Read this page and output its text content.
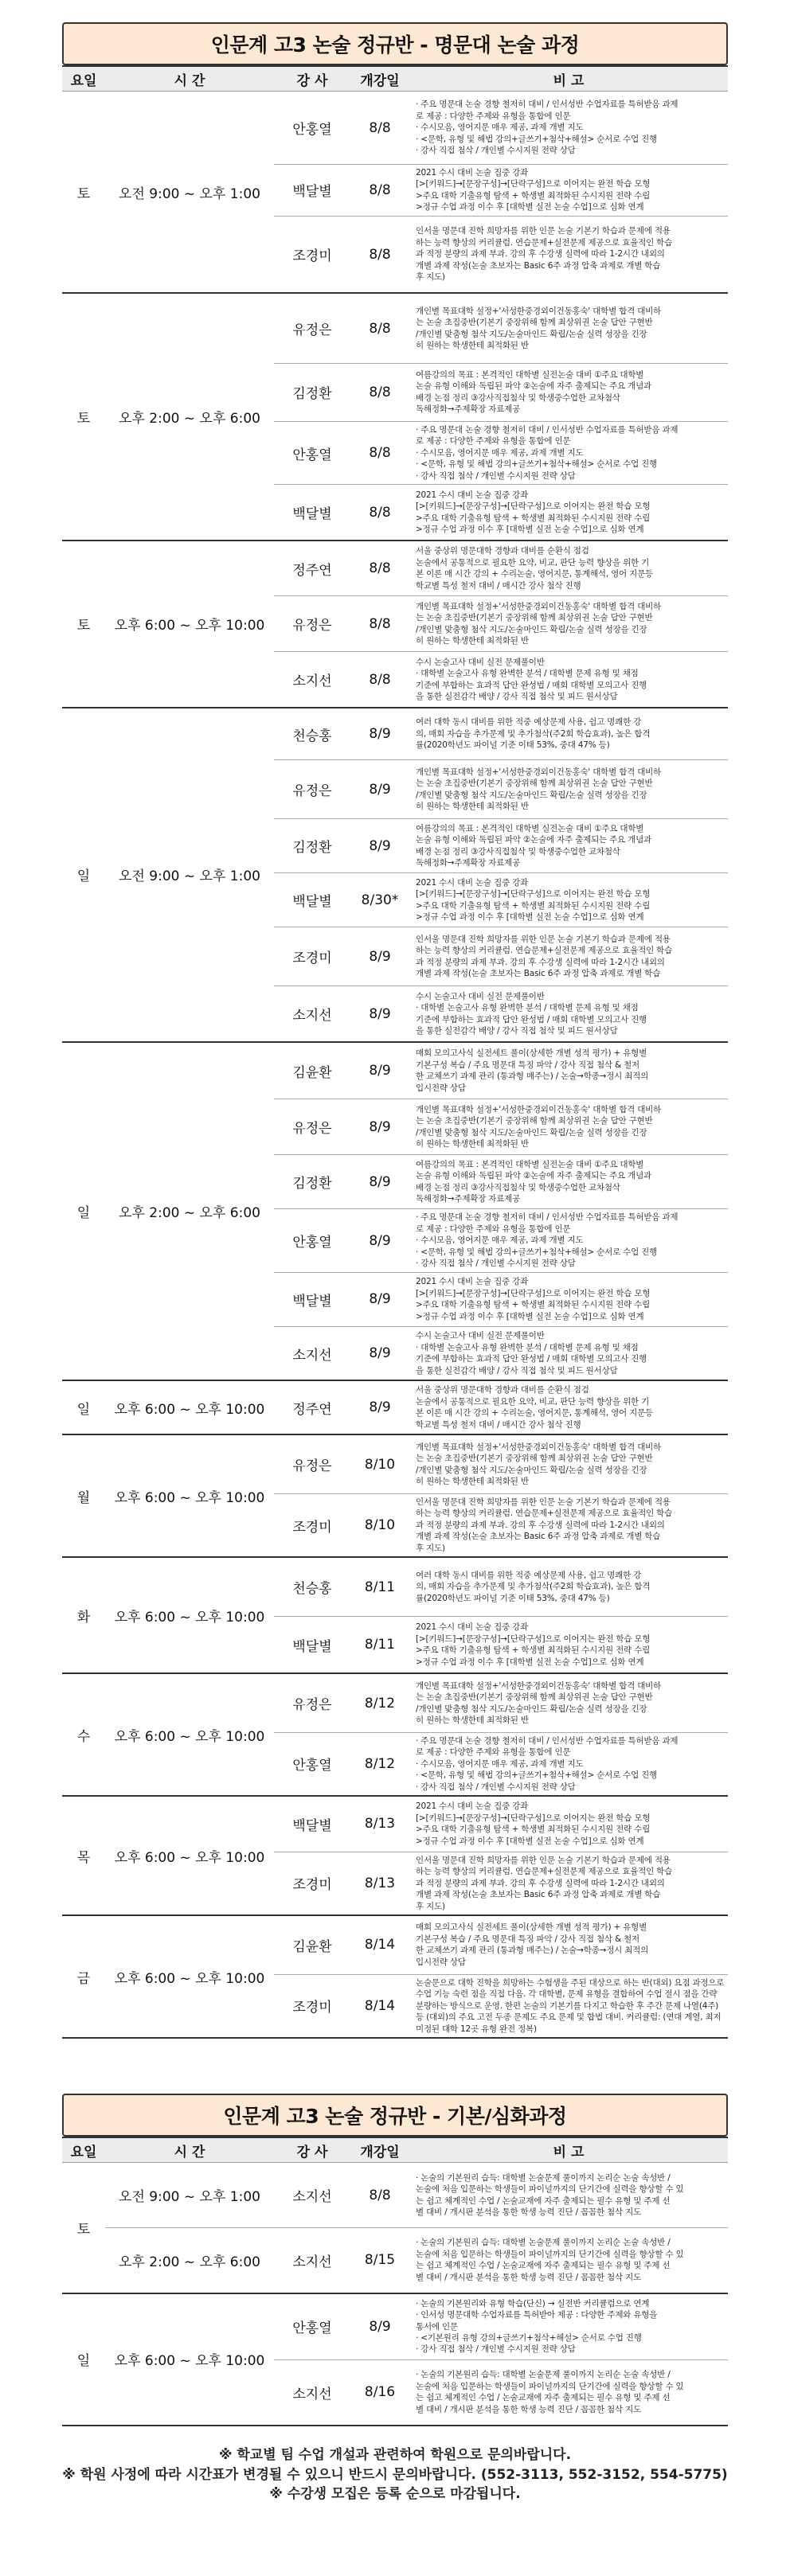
인문계 고3 논술 정규반 - 명문대 논술 과정
요일	시 간	강 사	개강일	비 고
토	오전 9:00 ~ 오후 1:00	안홍열	8/8	· 주요 명문대 논술 경향 철저히 대비 / 인서성반 수업자료를 특허받음 과제
로 제공 : 다양한 주제와 유형을 통합에 인문
· 수시모음, 영어지문 매우 제공, 과제 개별 지도
· <문학, 유형 및 해법 강의+글쓰기+첨삭+해설> 순서로 수업 진행
· 강사 직접 첨삭 / 개인별 수시지원 전략 상담

		백달별	8/8	2021 수시 대비 논술 집중 강좌
[>[키워드]→[문장구성]→[단락구성]으로 이어지는 완전 학습 모형
>주요 대학 기출유형 탐색 + 학생별 최적화된 수시지원 전략 수립
>정규 수업 과정 이수 후 [대학별 실전 논술 수업]으로 심화 연계

		조경미	8/8	인서울 명문대 진학 희망자를 위한 인문 논술 기본기 학습과 문제에 적용
하는 능력 향상의 커리큘럼. 연습문제+실전문제 제공으로 효율적인 학습
과 적정 분량의 과제 부과. 강의 후 수강생 실력에 따라 1-2시간 내외의
개별 과제 작성(논술 초보자는 Basic 6주 과정 압축 과제로 개별 학습
후 지도)

토	오후 2:00 ~ 오후 6:00	유정은	8/8	개인별 목표대학 설정+'서성한중경외이건동홍숙' 대학별 합격 대비하
는 논술 초집중반(기본기 중장위해 함께 최상위권 논술 답안 구현반
/개인별 맞춤형 첨삭 지도/논술마인드 확립/논술 실력 성장을 긴장
히 원하는 학생한테 최적화된 반

		김정환	8/8	여름강의의 목표 : 본격적인 대학별 실전논술 대비 ①주요 대학별
논술 유형 이해와 독립된 파악 ②논술에 자주 출제되는 주요 개념과
배경 논점 정리 ③강사직접첨삭 및 학생중수업한 교차첨삭
독해정화→주제확장 자료제공

		안홍열	8/8	· 주요 명문대 논술 경향 철저히 대비 / 인서성반 수업자료를 특허받음 과제
로 제공 : 다양한 주제와 유형을 통합에 인문
· 수시모음, 영어지문 매우 제공, 과제 개별 지도
· <문학, 유형 및 해법 강의+글쓰기+첨삭+해설> 순서로 수업 진행
· 강사 직접 첨삭 / 개인별 수시지원 전략 상담

		백달별	8/8	2021 수시 대비 논술 집중 강좌
[>[키워드]→[문장구성]→[단락구성]으로 이어지는 완전 학습 모형
>주요 대학 기출유형 탐색 + 학생별 최적화된 수시지원 전략 수립
>정규 수업 과정 이수 후 [대학별 실전 논술 수업]으로 심화 연계

토	오후 6:00 ~ 오후 10:00	정주연	8/8	서울 중상위 명문대학 경향과 대비를 순환식 점검
논술에서 공통적으로 필요한 요약, 비교, 판단 능력 향상을 위한 기
본 이론 매 시간 강의 + 수리논술, 영어지문, 통계해석, 영어 지문등
학교별 특성 철저 대비 / 매시간 강사 첨삭 진행

		유정은	8/8	개인별 목표대학 설정+'서성한중경외이건동홍숙' 대학별 합격 대비하
는 논술 초집중반(기본기 중장위해 함께 최상위권 논술 답안 구현반
/개인별 맞춤형 첨삭 지도/논술마인드 확립/논술 실력 성장을 긴장
히 원하는 학생한테 최적화된 반

		소지선	8/8	수시 논술고사 대비 실전 문제풀이반
· 대학별 논술고사 유형 완벽한 분석 / 대학별 문제 유형 및 채점
기준에 부합하는 효과적 답안 완성법 / 매회 대학별 모의고사 진행
을 통한 실전감각 배양 / 강사 직접 첨삭 및 피드 원서상담

일	오전 9:00 ~ 오후 1:00	천승홍	8/9	여러 대학 동시 대비를 위한 적중 예상문제 사용, 쉽고 명쾌한 강
의, 매회 자습을 추가문제 및 추가첨삭(주2회 학습효과), 높은 합격
률(2020학년도 파이널 기준 이태 53%, 중대 47% 등)

		유정은	8/9	개인별 목표대학 설정+'서성한중경외이건동홍숙' 대학별 합격 대비하
는 논술 초집중반(기본기 중장위해 함께 최상위권 논술 답안 구현반
/개인별 맞춤형 첨삭 지도/논술마인드 확립/논술 실력 성장을 긴장
히 원하는 학생한테 최적화된 반

		김정환	8/9	여름강의의 목표 : 본격적인 대학별 실전논술 대비 ①주요 대학별
논술 유형 이해와 독립된 파악 ②논술에 자주 출제되는 주요 개념과
배경 논점 정리 ③강사직접첨삭 및 학생중수업한 교차첨삭
독해정화→주제확장 자료제공

		백달별	8/30*	2021 수시 대비 논술 집중 강좌
[>[키워드]→[문장구성]→[단락구성]으로 이어지는 완전 학습 모형
>주요 대학 기출유형 탐색 + 학생별 최적화된 수시지원 전략 수립
>정규 수업 과정 이수 후 [대학별 실전 논술 수업]으로 심화 연계

		조경미	8/9	인서울 명문대 진학 희망자를 위한 인문 논술 기본기 학습과 문제에 적용
하는 능력 향상의 커리큘럼. 연습문제+실전문제 제공으로 효율적인 학습
과 적정 분량의 과제 부과. 강의 후 수강생 실력에 따라 1-2시간 내외의
개별 과제 작성(논술 초보자는 Basic 6주 과정 압축 과제로 개별 학습

		소지선	8/9	수시 논술고사 대비 실전 문제풀이반
· 대학별 논술고사 유형 완벽한 분석 / 대학별 문제 유형 및 채점
기준에 부합하는 효과적 답안 완성법 / 매회 대학별 모의고사 진행
을 통한 실전감각 배양 / 강사 직접 첨삭 및 피드 원서상담

일	오후 2:00 ~ 오후 6:00	김윤환	8/9	매회 모의고사식 실전세트 풀이(상세한 개별 성적 평가) + 유형별
기본구성 복습 / 주요 명문대 특징 파악 / 강사 직접 첨삭 & 철저
한 교체쓰기 과제 관리 (통과형 매주는) / 논술→학종→정시 최적의
입시전략 상담

		유정은	8/9	개인별 목표대학 설정+'서성한중경외이건동홍숙' 대학별 합격 대비하
는 논술 초집중반(기본기 중장위해 함께 최상위권 논술 답안 구현반
/개인별 맞춤형 첨삭 지도/논술마인드 확립/논술 실력 성장을 긴장
히 원하는 학생한테 최적화된 반

		김정환	8/9	여름강의의 목표 : 본격적인 대학별 실전논술 대비 ①주요 대학별
논술 유형 이해와 독립된 파악 ②논술에 자주 출제되는 주요 개념과
배경 논점 정리 ③강사직접첨삭 및 학생중수업한 교차첨삭
독해정화→주제확장 자료제공

		안홍열	8/9	· 주요 명문대 논술 경향 철저히 대비 / 인서성반 수업자료를 특허받음 과제
로 제공 : 다양한 주제와 유형을 통합에 인문
· 수시모음, 영어지문 매우 제공, 과제 개별 지도
· <문학, 유형 및 해법 강의+글쓰기+첨삭+해설> 순서로 수업 진행
· 강사 직접 첨삭 / 개인별 수시지원 전략 상담

		백달별	8/9	2021 수시 대비 논술 집중 강좌
[>[키워드]→[문장구성]→[단락구성]으로 이어지는 완전 학습 모형
>주요 대학 기출유형 탐색 + 학생별 최적화된 수시지원 전략 수립
>정규 수업 과정 이수 후 [대학별 실전 논술 수업]으로 심화 연계

		소지선	8/9	수시 논술고사 대비 실전 문제풀이반
· 대학별 논술고사 유형 완벽한 분석 / 대학별 문제 유형 및 채점
기준에 부합하는 효과적 답안 완성법 / 매회 대학별 모의고사 진행
을 통한 실전감각 배양 / 강사 직접 첨삭 및 피드 원서상담

일	오후 6:00 ~ 오후 10:00	정주연	8/9	서울 중상위 명문대학 경향과 대비를 순환식 점검
논술에서 공통적으로 필요한 요약, 비교, 판단 능력 향상을 위한 기
본 이론 매 시간 강의 + 수리논술, 영어지문, 통계해석, 영어 지문등
학교별 특성 철저 대비 / 매시간 강사 첨삭 진행

월	오후 6:00 ~ 오후 10:00	유정은	8/10	개인별 목표대학 설정+'서성한중경외이건동홍숙' 대학별 합격 대비하
는 논술 초집중반(기본기 중장위해 함께 최상위권 논술 답안 구현반
/개인별 맞춤형 첨삭 지도/논술마인드 확립/논술 실력 성장을 긴장
히 원하는 학생한테 최적화된 반

		조경미	8/10	인서울 명문대 진학 희망자를 위한 인문 논술 기본기 학습과 문제에 적용
하는 능력 향상의 커리큘럼. 연습문제+실전문제 제공으로 효율적인 학습
과 적정 분량의 과제 부과. 강의 후 수강생 실력에 따라 1-2시간 내외의
개별 과제 작성(논술 초보자는 Basic 6주 과정 압축 과제로 개별 학습
후 지도)

화	오후 6:00 ~ 오후 10:00	천승홍	8/11	여러 대학 동시 대비를 위한 적중 예상문제 사용, 쉽고 명쾌한 강
의, 매회 자습을 추가문제 및 추가첨삭(주2회 학습효과), 높은 합격
률(2020학년도 파이널 기준 이태 53%, 중대 47% 등)

		백달별	8/11	2021 수시 대비 논술 집중 강좌
[>[키워드]→[문장구성]→[단락구성]으로 이어지는 완전 학습 모형
>주요 대학 기출유형 탐색 + 학생별 최적화된 수시지원 전략 수립
>정규 수업 과정 이수 후 [대학별 실전 논술 수업]으로 심화 연계

수	오후 6:00 ~ 오후 10:00	유정은	8/12	개인별 목표대학 설정+'서성한중경외이건동홍숙' 대학별 합격 대비하
는 논술 초집중반(기본기 중장위해 함께 최상위권 논술 답안 구현반
/개인별 맞춤형 첨삭 지도/논술마인드 확립/논술 실력 성장을 긴장
히 원하는 학생한테 최적화된 반

		안홍열	8/12	· 주요 명문대 논술 경향 철저히 대비 / 인서성반 수업자료를 특허받음 과제
로 제공 : 다양한 주제와 유형을 통합에 인문
· 수시모음, 영어지문 매우 제공, 과제 개별 지도
· <문학, 유형 및 해법 강의+글쓰기+첨삭+해설> 순서로 수업 진행
· 강사 직접 첨삭 / 개인별 수시지원 전략 상담

목	오후 6:00 ~ 오후 10:00	백달별	8/13	2021 수시 대비 논술 집중 강좌
[>[키워드]→[문장구성]→[단락구성]으로 이어지는 완전 학습 모형
>주요 대학 기출유형 탐색 + 학생별 최적화된 수시지원 전략 수립
>정규 수업 과정 이수 후 [대학별 실전 논술 수업]으로 심화 연계

		조경미	8/13	인서울 명문대 진학 희망자를 위한 인문 논술 기본기 학습과 문제에 적용
하는 능력 향상의 커리큘럼. 연습문제+실전문제 제공으로 효율적인 학습
과 적정 분량의 과제 부과. 강의 후 수강생 실력에 따라 1-2시간 내외의
개별 과제 작성(논술 초보자는 Basic 6주 과정 압축 과제로 개별 학습
후 지도)

금	오후 6:00 ~ 오후 10:00	김윤환	8/14	매회 모의고사식 실전세트 풀이(상세한 개별 성적 평가) + 유형별
기본구성 복습 / 주요 명문대 특징 파악 / 강사 직접 첨삭 & 철저
한 교체쓰기 과제 관리 (통과형 매주는) / 논술→학종→정시 최적의
입시전략 상담

		조경미	8/14	논술문으로 대학 진학을 희망하는 수험생을 주된 대상으로 하는 반(대외) 요점 과정으로 수업 기능 숙련 점을 직접 다음. 각 대학별, 문제 유형을 결합하여 수업 절시 점을 간략 분량하는 방식으로 운영. 한편 논술의 기본기를 다지고 학습한 후 주간 문제 나열(4주) 등 (대외)의 주요 고전 두종 문제도 주요 문제 및 합법 대비. 커리큘럼: (연대 계열, 최저 미정된 대학 12곳 유형 완전 정복)
인문계 고3 논술 정규반 - 기본/심화과정
요일	시 간	강 사	개강일	비 고
토	오전 9:00 ~ 오후 1:00	소지선	8/8	· 논술의 기본원리 습득: 대학별 논술문제 풀이까지 논리순 논술 속성반 /
논술에 처음 입문하는 학생들이 파이널까지의 단기간에 실력을 향상할 수 있
는 쉽고 체계적인 수업 / 논술교재에 자주 출제되는 필수 유형 및 주제 선
별 대비 / 개시판 분석을 통한 학생 능력 진단 / 꼼꼼한 첨삭 지도

	오후 2:00 ~ 오후 6:00	소지선	8/15	· 논술의 기본원리 습득: 대학별 논술문제 풀이까지 논리순 논술 속성반 /
논술에 처음 입문하는 학생들이 파이널까지의 단기간에 실력을 향상할 수 있
는 쉽고 체계적인 수업 / 논술교재에 자주 출제되는 필수 유형 및 주제 선
별 대비 / 개시판 분석을 통한 학생 능력 진단 / 꼼꼼한 첨삭 지도

일	오후 6:00 ~ 오후 10:00	안홍열	8/9	· 논술의 기본원리와 유형 학습(단신) → 실전반 커리큘럼으로 연계
· 인서성 명문대학 수업자료를 특허받아 제공 : 다양한 주제와 유형을
통서에 인문
· <기본원리 유형 강의+글쓰기+첨삭+해설> 순서로 수업 진행
· 강사 직접 첨삭 / 개인별 수시지원 전략 상담

		소지선	8/16	· 논술의 기본원리 습득: 대학별 논술문제 풀이까지 논리순 논술 속성반 /
논술에 처음 입문하는 학생들이 파이널까지의 단기간에 실력을 향상할 수 있
는 쉽고 체계적인 수업 / 논술교재에 자주 출제되는 필수 유형 및 주제 선
별 대비 / 개시판 분석을 통한 학생 능력 진단 / 꼼꼼한 첨삭 지도
※ 학교별 팀 수업 개설과 관련하여 학원으로 문의바랍니다.
※ 학원 사정에 따라 시간표가 변경될 수 있으니 반드시 문의바랍니다. (552-3113, 552-3152, 554-5775)
※ 수강생 모집은 등록 순으로 마감됩니다.
